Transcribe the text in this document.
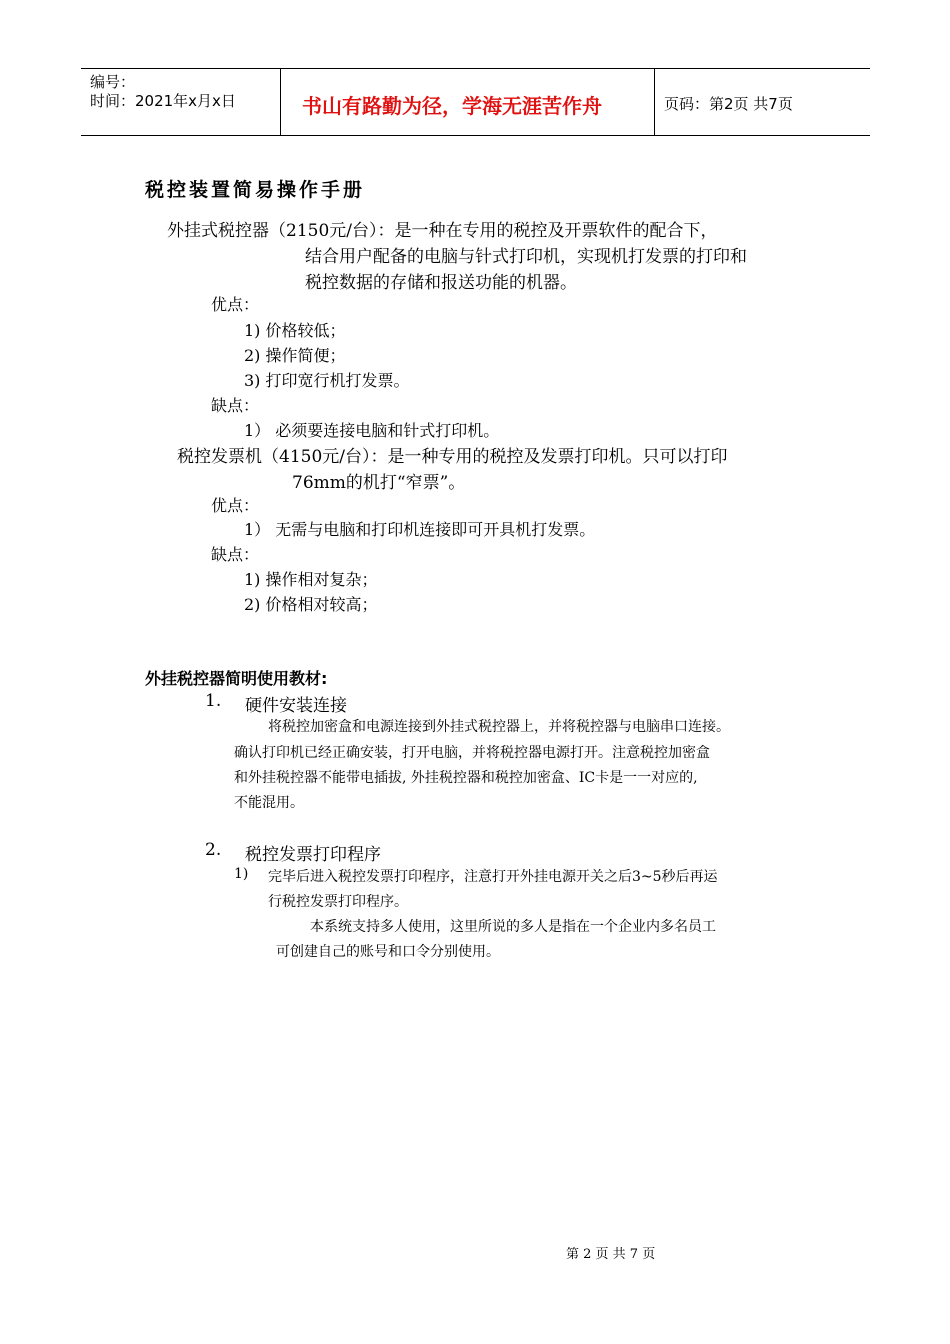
编号：
时间：2021年x月x日	书山有路勤为径，学海无涯苦作舟	页码：第2页 共7页
税控装置简易操作手册
外挂式税控器（2150元/台）：是一种在专用的税控及开票软件的配合下，
结合用户配备的电脑与针式打印机，实现机打发票的打印和
税控数据的存储和报送功能的机器。
优点：
1) 价格较低；
2) 操作简便；
3) 打印宽行机打发票。
缺点：
1） 必须要连接电脑和针式打印机。
税控发票机（4150元/台）：是一种专用的税控及发票打印机。只可以打印
76mm的机打“窄票”。
优点：
1） 无需与电脑和打印机连接即可开具机打发票。
缺点：
1) 操作相对复杂；
2) 价格相对较高；
外挂税控器简明使用教材:
1. 硬件安装连接
将税控加密盒和电源连接到外挂式税控器上，并将税控器与电脑串口连接。
确认打印机已经正确安装，打开电脑，并将税控器电源打开。注意税控加密盒
和外挂税控器不能带电插拔, 外挂税控器和税控加密盒、IC卡是一一对应的,
不能混用。
2. 税控发票打印程序
1) 完毕后进入税控发票打印程序，注意打开外挂电源开关之后3~5秒后再运
行税控发票打印程序。
本系统支持多人使用，这里所说的多人是指在一个企业内多名员工
可创建自己的账号和口令分别使用。
第 2 页 共 7 页
